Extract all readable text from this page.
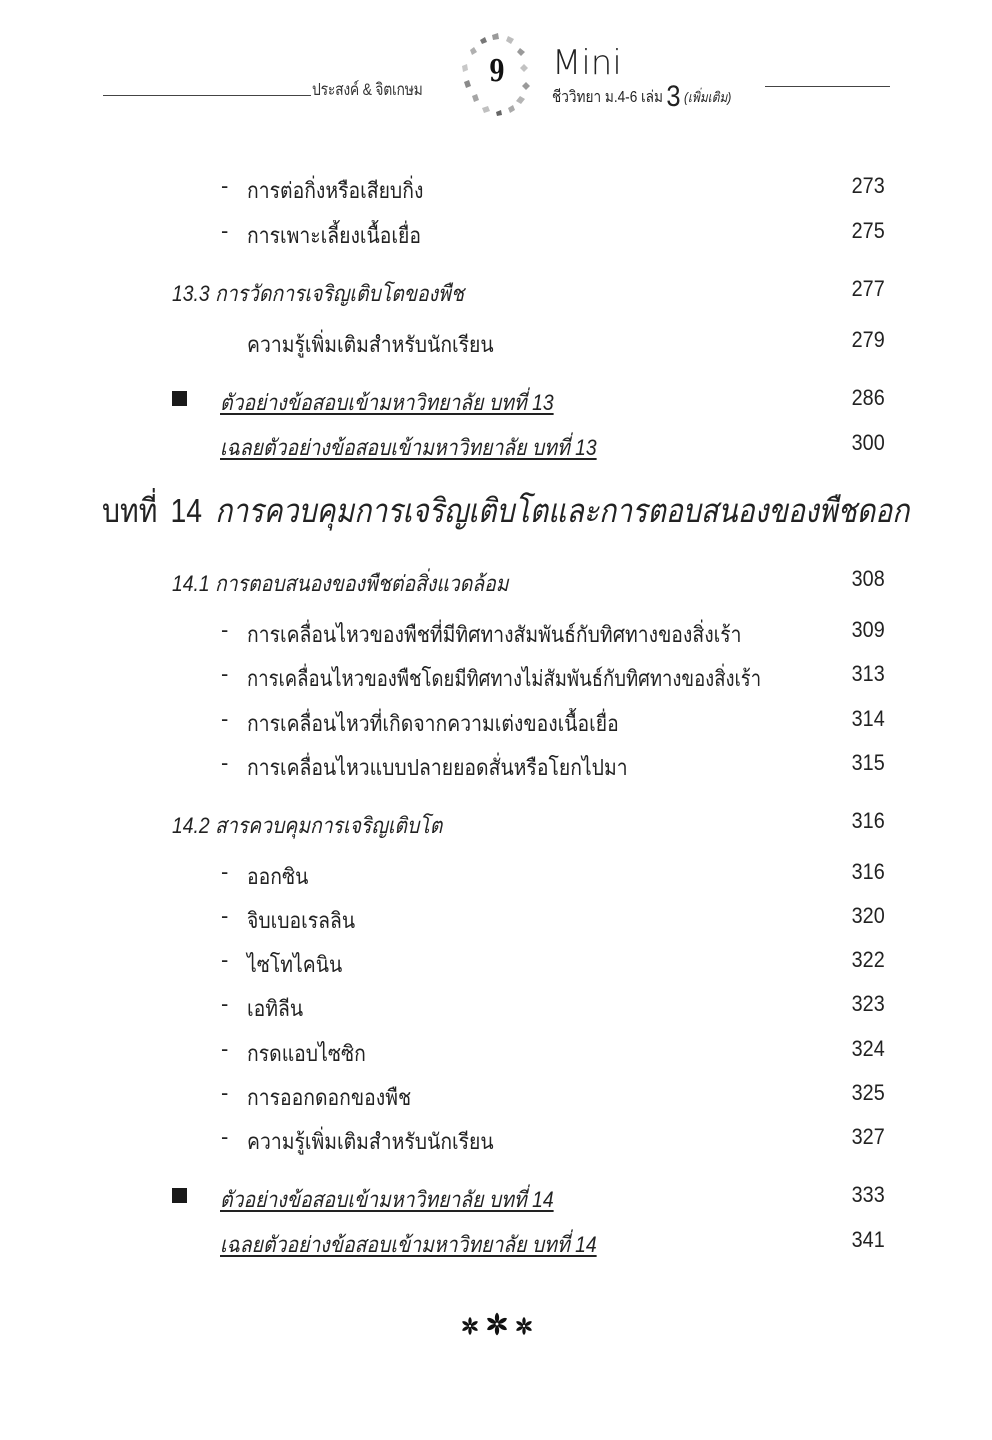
ประสงค์ & จิตเกษม
9	Mini
ชีววิทยา ม.4-6 เล่ม 3 (เพิ่มเติม)
- การต่อกิ่งหรือเสียบกิ่ง	273
- การเพาะเลี้ยงเนื้อเยื่อ	275
13.3 การวัดการเจริญเติบโตของพืช	277
ความรู้เพิ่มเติมสำหรับนักเรียน	279
ตัวอย่างข้อสอบเข้ามหาวิทยาลัย บทที่ 13	286
เฉลยตัวอย่างข้อสอบเข้ามหาวิทยาลัย บทที่ 13	300
บทที่ 14 การควบคุมการเจริญเติบโตและการตอบสนองของพืชดอก
14.1 การตอบสนองของพืชต่อสิ่งแวดล้อม	308
- การเคลื่อนไหวของพืชที่มีทิศทางสัมพันธ์กับทิศทางของสิ่งเร้า	309
- การเคลื่อนไหวของพืชโดยมีทิศทางไม่สัมพันธ์กับทิศทางของสิ่งเร้า	313
- การเคลื่อนไหวที่เกิดจากความเต่งของเนื้อเยื่อ	314
- การเคลื่อนไหวแบบปลายยอดสั่นหรือโยกไปมา	315
14.2 สารควบคุมการเจริญเติบโต	316
- ออกซิน	316
- จิบเบอเรลลิน	320
- ไซโทไคนิน	322
- เอทิลีน	323
- กรดแอบไซซิก	324
- การออกดอกของพืช	325
- ความรู้เพิ่มเติมสำหรับนักเรียน	327
ตัวอย่างข้อสอบเข้ามหาวิทยาลัย บทที่ 14	333
เฉลยตัวอย่างข้อสอบเข้ามหาวิทยาลัย บทที่ 14	341
